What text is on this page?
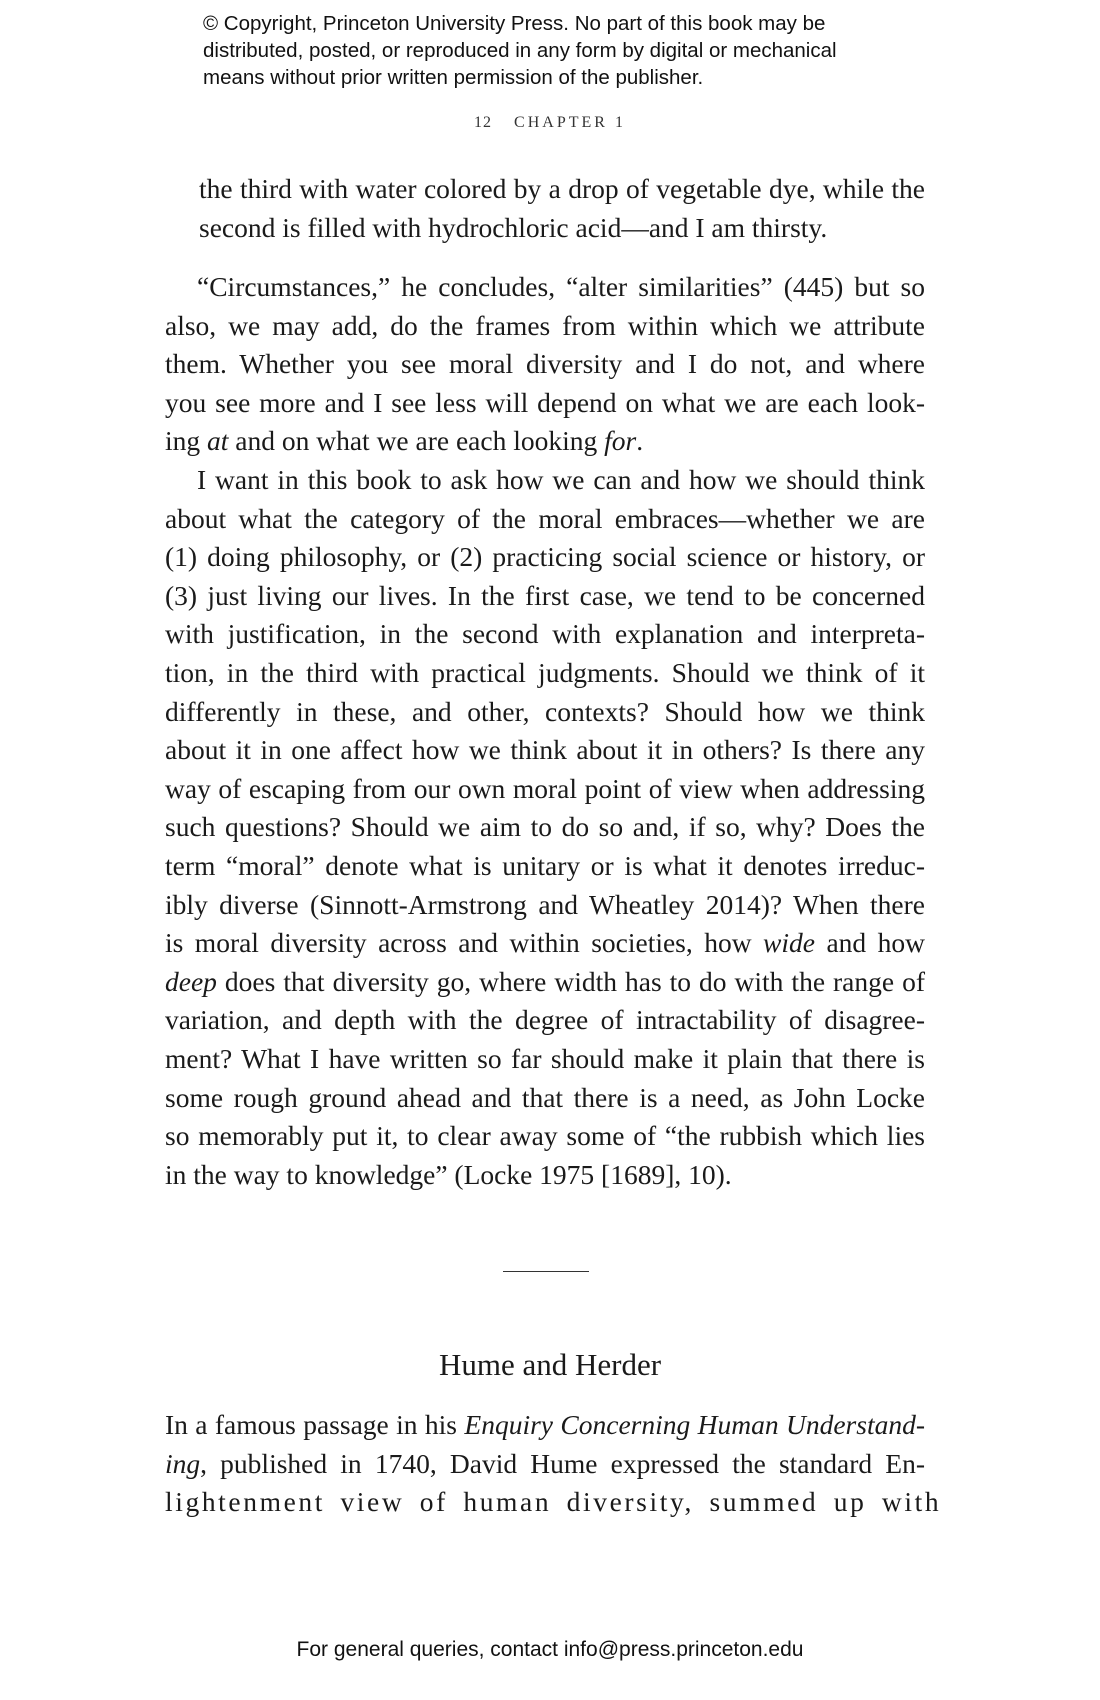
© Copyright, Princeton University Press. No part of this book may be
distributed, posted, or reproduced in any form by digital or mechanical
means without prior written permission of the publisher.
12 CHAPTER 1
the third with water colored by a drop of vegetable dye, while the
second is filled with hydrochloric acid—and I am thirsty.
“Circumstances,” he concludes, “alter similarities” (445) but so
also, we may add, do the frames from within which we attribute
them. Whether you see moral diversity and I do not, and where
you see more and I see less will depend on what we are each look-
ing at and on what we are each looking for.
I want in this book to ask how we can and how we should think
about what the category of the moral embraces—whether we are
(1) doing philosophy, or (2) practicing social science or history, or
(3) just living our lives. In the first case, we tend to be concerned
with justification, in the second with explanation and interpreta-
tion, in the third with practical judgments. Should we think of it
differently in these, and other, contexts? Should how we think
about it in one affect how we think about it in others? Is there any
way of escaping from our own moral point of view when addressing
such questions? Should we aim to do so and, if so, why? Does the
term “moral” denote what is unitary or is what it denotes irreduc-
ibly diverse (Sinnott-Armstrong and Wheatley 2014)? When there
is moral diversity across and within societies, how wide and how
deep does that diversity go, where width has to do with the range of
variation, and depth with the degree of intractability of disagree-
ment? What I have written so far should make it plain that there is
some rough ground ahead and that there is a need, as John Locke
so memorably put it, to clear away some of “the rubbish which lies
in the way to knowledge” (Locke 1975 [1689], 10).
Hume and Herder
In a famous passage in his Enquiry Concerning Human Understand-
ing, published in 1740, David Hume expressed the standard En-
lightenment view of human diversity, summed up with
For general queries, contact info@press.princeton.edu
